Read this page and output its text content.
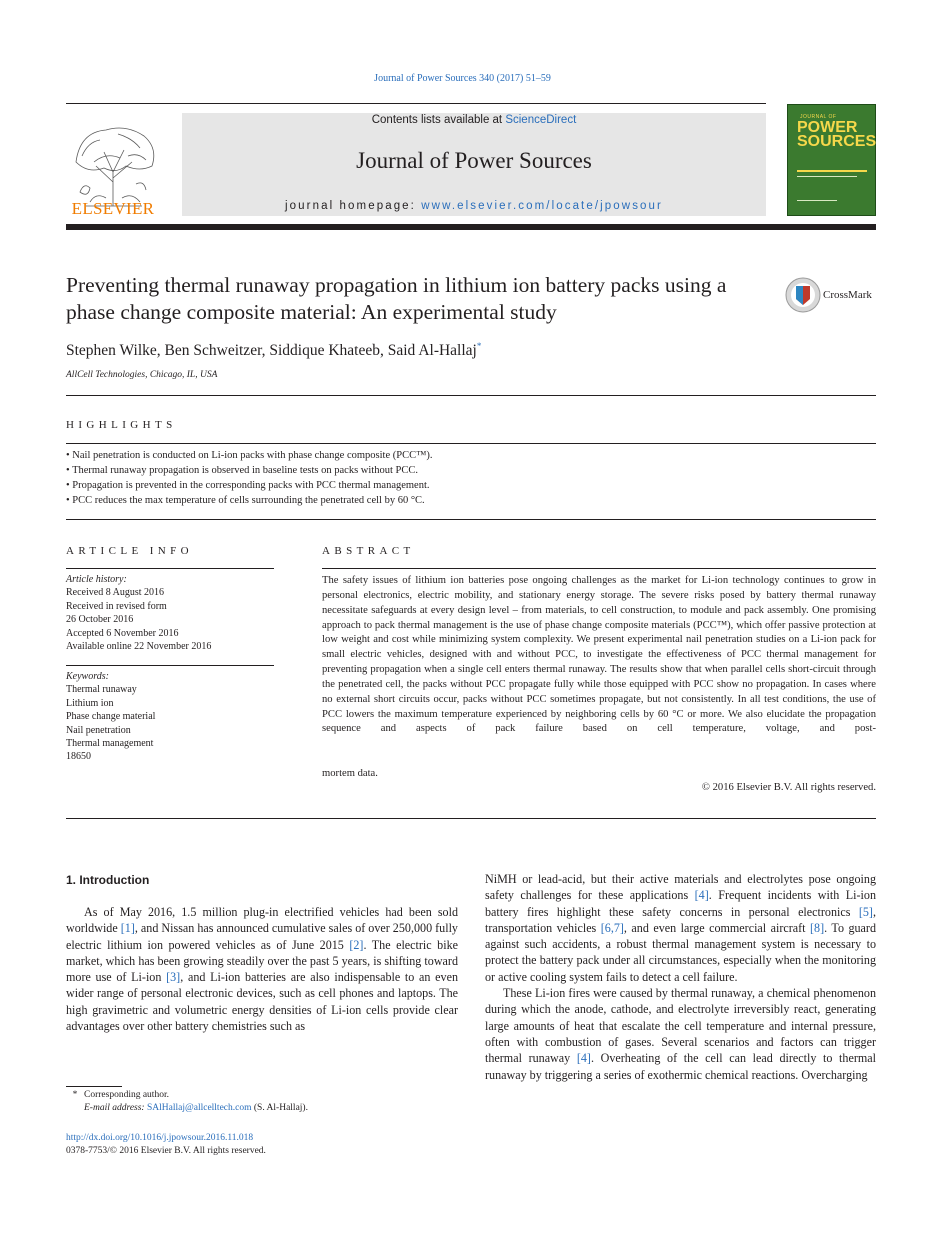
Journal of Power Sources 340 (2017) 51–59
ELSEVIER
Contents lists available at ScienceDirect
Journal of Power Sources
journal homepage: www.elsevier.com/locate/jpowsour
JOURNAL OF
POWER SOURCES
Preventing thermal runaway propagation in lithium ion battery packs using a phase change composite material: An experimental study
CrossMark
Stephen Wilke, Ben Schweitzer, Siddique Khateeb, Said Al-Hallaj*
AllCell Technologies, Chicago, IL, USA
HIGHLIGHTS
• Nail penetration is conducted on Li-ion packs with phase change composite (PCC™).
• Thermal runaway propagation is observed in baseline tests on packs without PCC.
• Propagation is prevented in the corresponding packs with PCC thermal management.
• PCC reduces the max temperature of cells surrounding the penetrated cell by 60 °C.
ARTICLE INFO
Article history:
Received 8 August 2016
Received in revised form
26 October 2016
Accepted 6 November 2016
Available online 22 November 2016
Keywords:
Thermal runaway
Lithium ion
Phase change material
Nail penetration
Thermal management
18650
ABSTRACT
The safety issues of lithium ion batteries pose ongoing challenges as the market for Li-ion technology continues to grow in personal electronics, electric mobility, and stationary energy storage. The severe risks posed by battery thermal runaway necessitate safeguards at every design level – from materials, to cell construction, to module and pack assembly. One promising approach to pack thermal management is the use of phase change composite materials (PCC™), which offer passive protection at low weight and cost while minimizing system complexity. We present experimental nail penetration studies on a Li-ion pack for small electric vehicles, designed with and without PCC, to investigate the effectiveness of PCC thermal management for preventing propagation when a single cell enters thermal runaway. The results show that when parallel cells short-circuit through the penetrated cell, the packs without PCC propagate fully while those equipped with PCC show no propagation. In cases where no external short circuits occur, packs without PCC sometimes propagate, but not consistently. In all test conditions, the use of PCC lowers the maximum temperature experienced by neighboring cells by 60 °C or more. We also elucidate the propagation sequence and aspects of pack failure based on cell temperature, voltage, and post-
mortem data.
© 2016 Elsevier B.V. All rights reserved.
1. Introduction

As of May 2016, 1.5 million plug-in electrified vehicles had been sold worldwide [1], and Nissan has announced cumulative sales of over 250,000 fully electric lithium ion powered vehicles as of June 2015 [2]. The electric bike market, which has been growing steadily over the past 5 years, is shifting toward more use of Li-ion [3], and Li-ion batteries are also indispensable to an even wider range of personal electronic devices, such as cell phones and laptops. The high gravimetric and volumetric energy densities of Li-ion cells provide clear advantages over other battery chemistries such as

NiMH or lead-acid, but their active materials and electrolytes pose ongoing safety challenges for these applications [4]. Frequent incidents with Li-ion battery fires highlight these safety concerns in personal electronics [5], transportation vehicles [6,7], and even large commercial aircraft [8]. To guard against such accidents, a robust thermal management system is necessary to protect the battery pack under all circumstances, especially when the monitoring or active cooling system fails to detect a cell failure.

These Li-ion fires were caused by thermal runaway, a chemical phenomenon during which the anode, cathode, and electrolyte irreversibly react, generating large amounts of heat that escalate the cell temperature and internal pressure, often with combustion of gases. Several scenarios and factors can trigger thermal runaway [4]. Overheating of the cell can lead directly to thermal runaway by triggering a series of exothermic chemical reactions. Overcharging

* Corresponding author.
E-mail address: SAlHallaj@allcelltech.com (S. Al-Hallaj).
http://dx.doi.org/10.1016/j.jpowsour.2016.11.018
0378-7753/© 2016 Elsevier B.V. All rights reserved.
